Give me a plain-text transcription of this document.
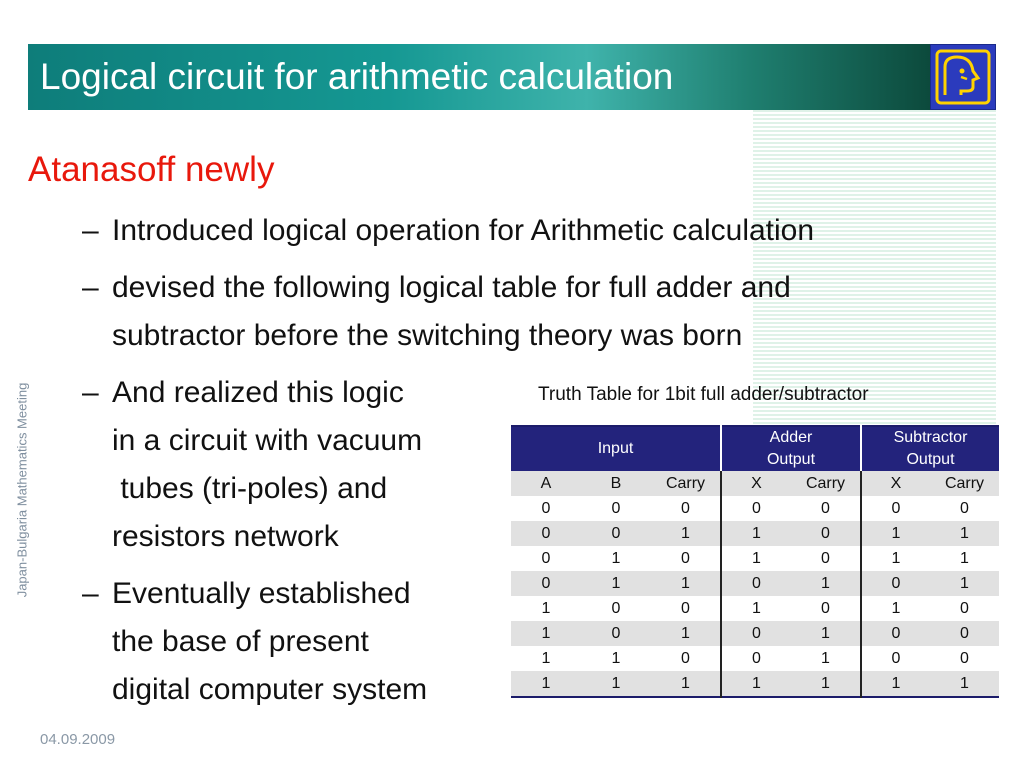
Logical circuit for arithmetic calculation
Japan-Bulgaria Mathematics Meeting
Atanasoff newly
– Introduced logical operation for Arithmetic calculation
– devised the following logical table for full adder and
subtractor before the switching theory was born
– And realized this logic
in a circuit with vacuum
tubes (tri-poles) and
resistors network
– Eventually established
the base of present
digital computer system
Truth Table for 1bit full adder/subtractor
Input			Adder Output		Subtractor Output	
A	B	Carry	X	Carry	X	Carry
0	0	0	0	0	0	0
0	0	1	1	0	1	1
0	1	0	1	0	1	1
0	1	1	0	1	0	1
1	0	0	1	0	1	0
1	0	1	0	1	0	0
1	1	0	0	1	0	0
1	1	1	1	1	1	1
04.09.2009
